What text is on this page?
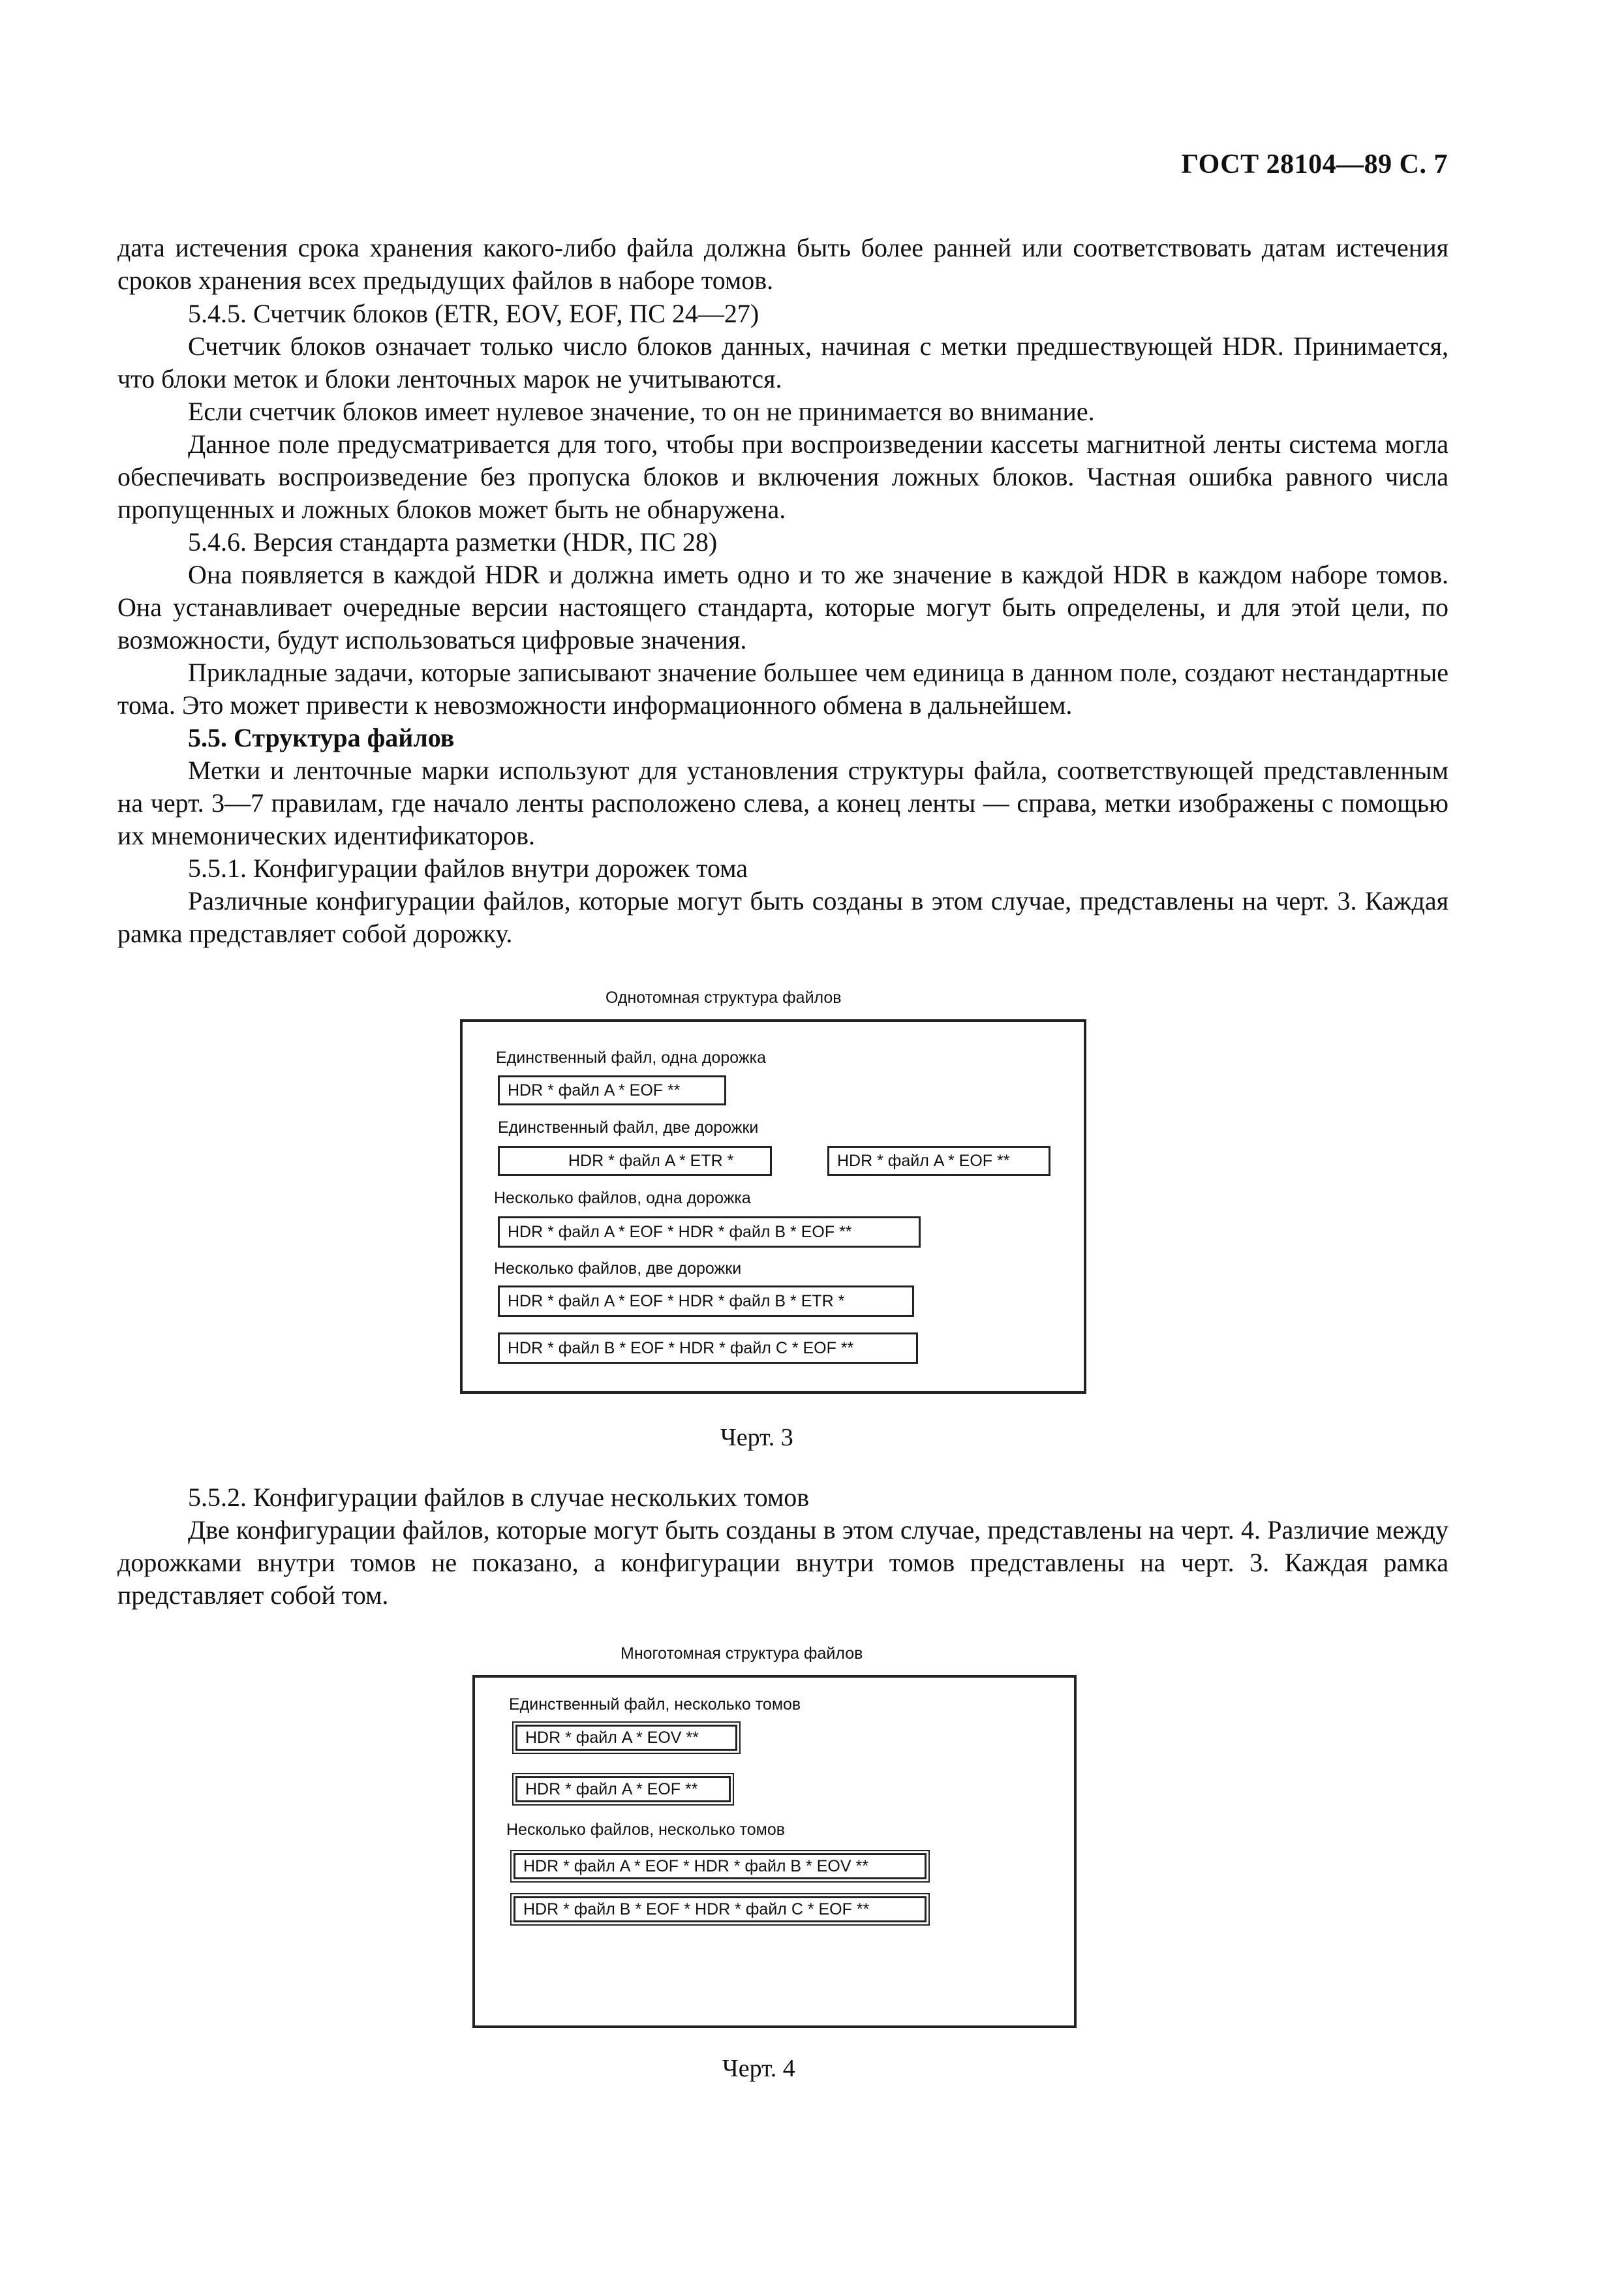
ГОСТ 28104—89 С. 7

дата истечения срока хранения какого-либо файла должна быть более ранней или соответствовать датам истечения сроков хранения всех предыдущих файлов в наборе томов.

5.4.5. Счетчик блоков (ETR, EOV, EOF, ПС 24—27)

Счетчик блоков означает только число блоков данных, начиная с метки предшествующей HDR. Принимается, что блоки меток и блоки ленточных марок не учитываются.

Если счетчик блоков имеет нулевое значение, то он не принимается во внимание.

Данное поле предусматривается для того, чтобы при воспроизведении кассеты магнитной ленты система могла обеспечивать воспроизведение без пропуска блоков и включения ложных блоков. Частная ошибка равного числа пропущенных и ложных блоков может быть не обнаружена.

5.4.6. Версия стандарта разметки (HDR, ПС 28)

Она появляется в каждой HDR и должна иметь одно и то же значение в каждой HDR в каждом наборе томов. Она устанавливает очередные версии настоящего стандарта, которые могут быть определены, и для этой цели, по возможности, будут использоваться цифровые значения.

Прикладные задачи, которые записывают значение большее чем единица в данном поле, создают нестандартные тома. Это может привести к невозможности информационного обмена в дальнейшем.

5.5. Структура файлов

Метки и ленточные марки используют для установления структуры файла, соответствующей представленным на черт. 3—7 правилам, где начало ленты расположено слева, а конец ленты — справа, метки изображены с помощью их мнемонических идентификаторов.

5.5.1. Конфигурации файлов внутри дорожек тома

Различные конфигурации файлов, которые могут быть созданы в этом случае, представлены на черт. 3. Каждая рамка представляет собой дорожку.

Однотомная структура файлов
Единственный файл, одна дорожка
HDR * файл A * EOF **
Единственный файл, две дорожки
HDR * файл A * ETR *	HDR * файл A * EOF **
Несколько файлов, одна дорожка
HDR * файл A * EOF * HDR * файл B * EOF **
Несколько файлов, две дорожки
HDR * файл A * EOF * HDR * файл B * ETR *
HDR * файл B * EOF * HDR * файл C * EOF **
Черт. 3

5.5.2. Конфигурации файлов в случае нескольких томов

Две конфигурации файлов, которые могут быть созданы в этом случае, представлены на черт. 4. Различие между дорожками внутри томов не показано, а конфигурации внутри томов представлены на черт. 3. Каждая рамка представляет собой том.

Многотомная структура файлов
Единственный файл, несколько томов
HDR * файл A * EOV **
HDR * файл A * EOF **
Несколько файлов, несколько томов
HDR * файл A * EOF * HDR * файл B * EOV **
HDR * файл B * EOF * HDR * файл C * EOF **
Черт. 4
